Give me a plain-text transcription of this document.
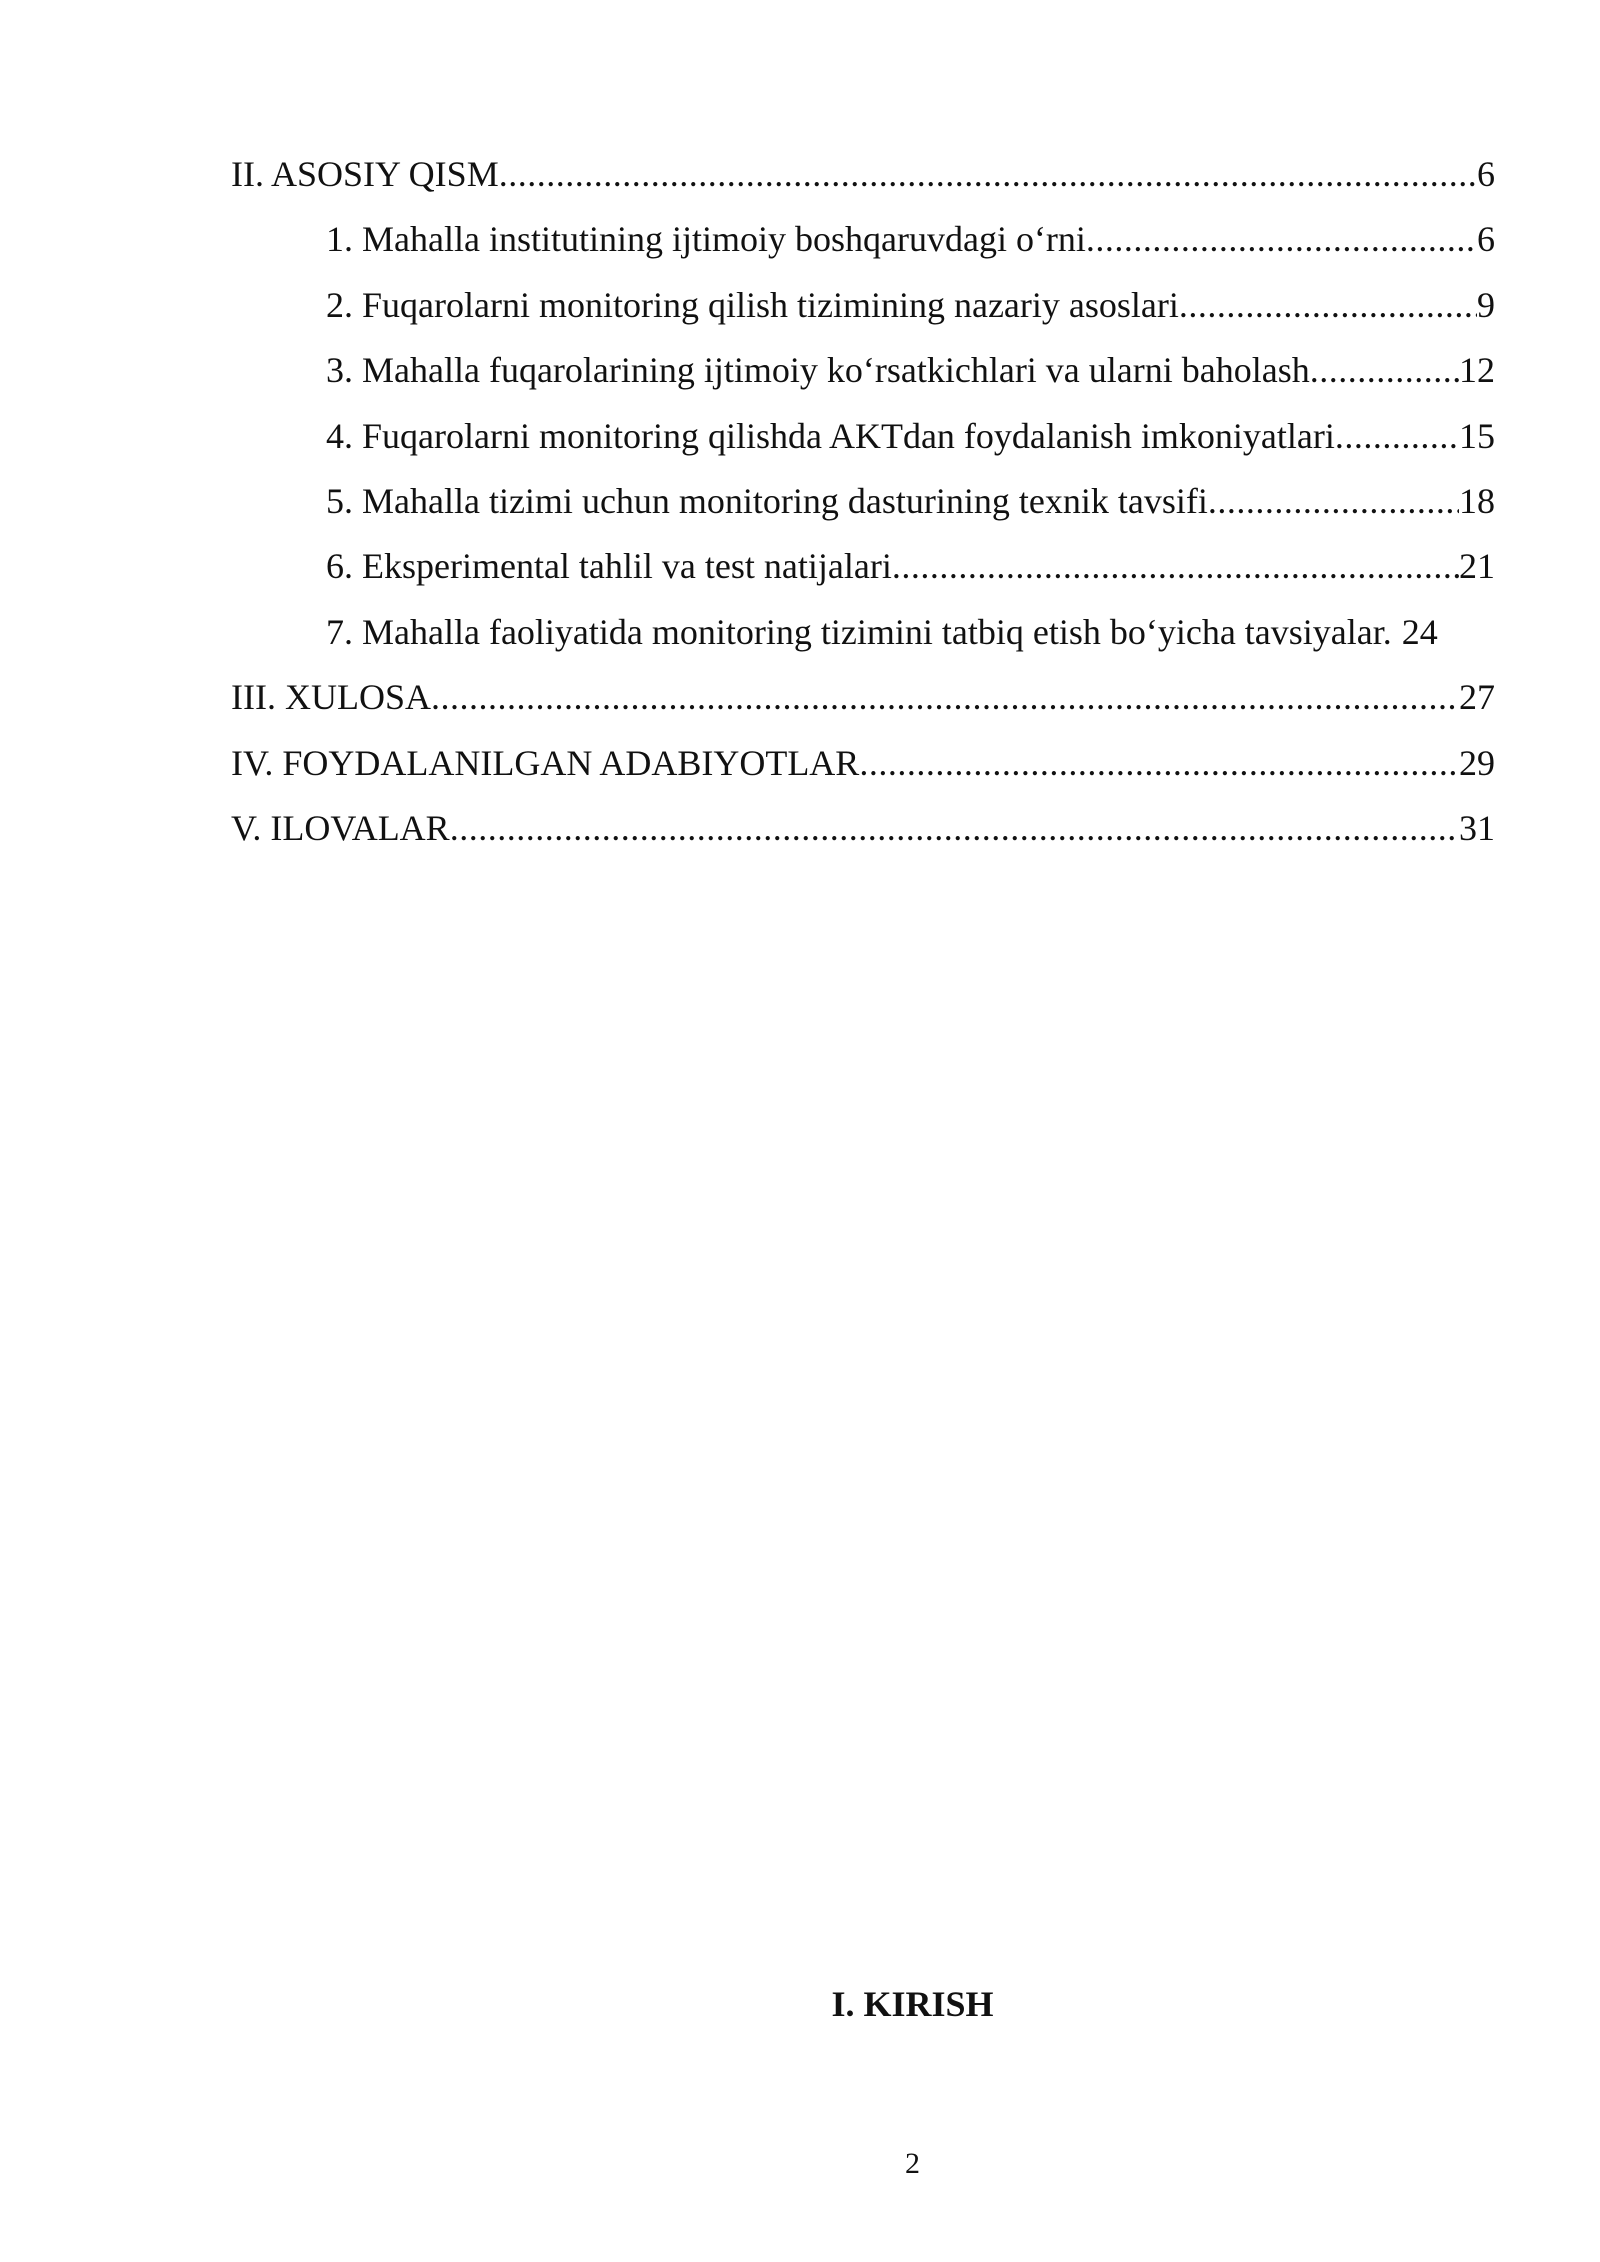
II. ASOSIY QISM .....	6
1. Mahalla institutining ijtimoiy boshqaruvdagi o‘rni .....	6
2. Fuqarolarni monitoring qilish tizimining nazariy asoslari .....	9
3. Mahalla fuqarolarining ijtimoiy ko‘rsatkichlari va ularni baholash .....	12
4. Fuqarolarni monitoring qilishda AKTdan foydalanish imkoniyatlari .....	15
5. Mahalla tizimi uchun monitoring dasturining texnik tavsifi .....	18
6. Eksperimental tahlil va test natijalari .....	21
7. Mahalla faoliyatida monitoring tizimini tatbiq etish bo‘yicha tavsiyalar. 24
III. XULOSA .....	27
IV. FOYDALANILGAN ADABIYOTLAR .....	29
V. ILOVALAR .....	31
I. KIRISH
2
